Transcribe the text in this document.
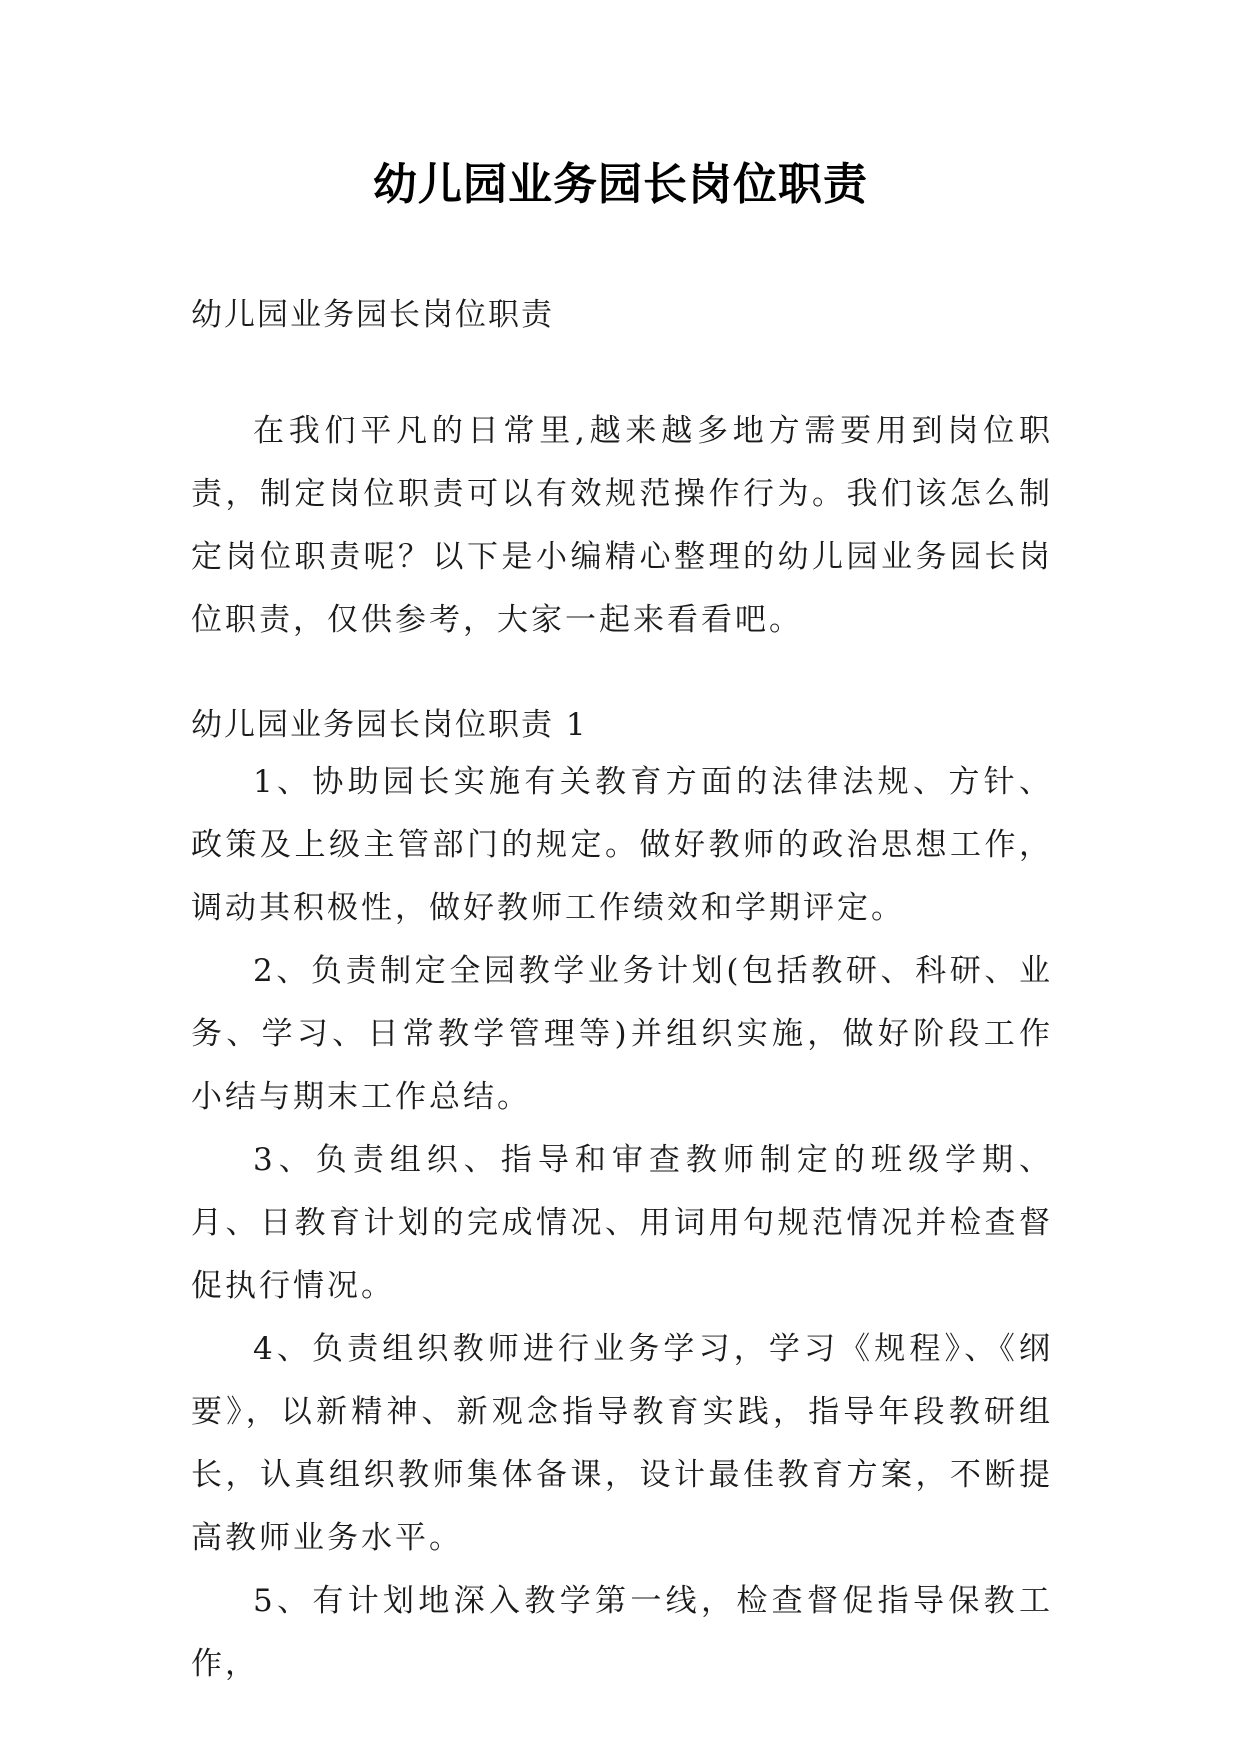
幼儿园业务园长岗位职责
幼儿园业务园长岗位职责

在我们平凡的日常里,越来越多地方需要用到岗位职责，制定岗位职责可以有效规范操作行为。我们该怎么制定岗位职责呢？以下是小编精心整理的幼儿园业务园长岗位职责，仅供参考，大家一起来看看吧。

幼儿园业务园长岗位职责 1

1、协助园长实施有关教育方面的法律法规、方针、政策及上级主管部门的规定。做好教师的政治思想工作，调动其积极性，做好教师工作绩效和学期评定。

2、负责制定全园教学业务计划(包括教研、科研、业务、学习、日常教学管理等)并组织实施，做好阶段工作小结与期末工作总结。

3、负责组织、指导和审查教师制定的班级学期、月、日教育计划的完成情况、用词用句规范情况并检查督促执行情况。

4、负责组织教师进行业务学习，学习《规程》、《纲要》，以新精神、新观念指导教育实践，指导年段教研组长，认真组织教师集体备课，设计最佳教育方案，不断提高教师业务水平。

5、有计划地深入教学第一线，检查督促指导保教工作，
